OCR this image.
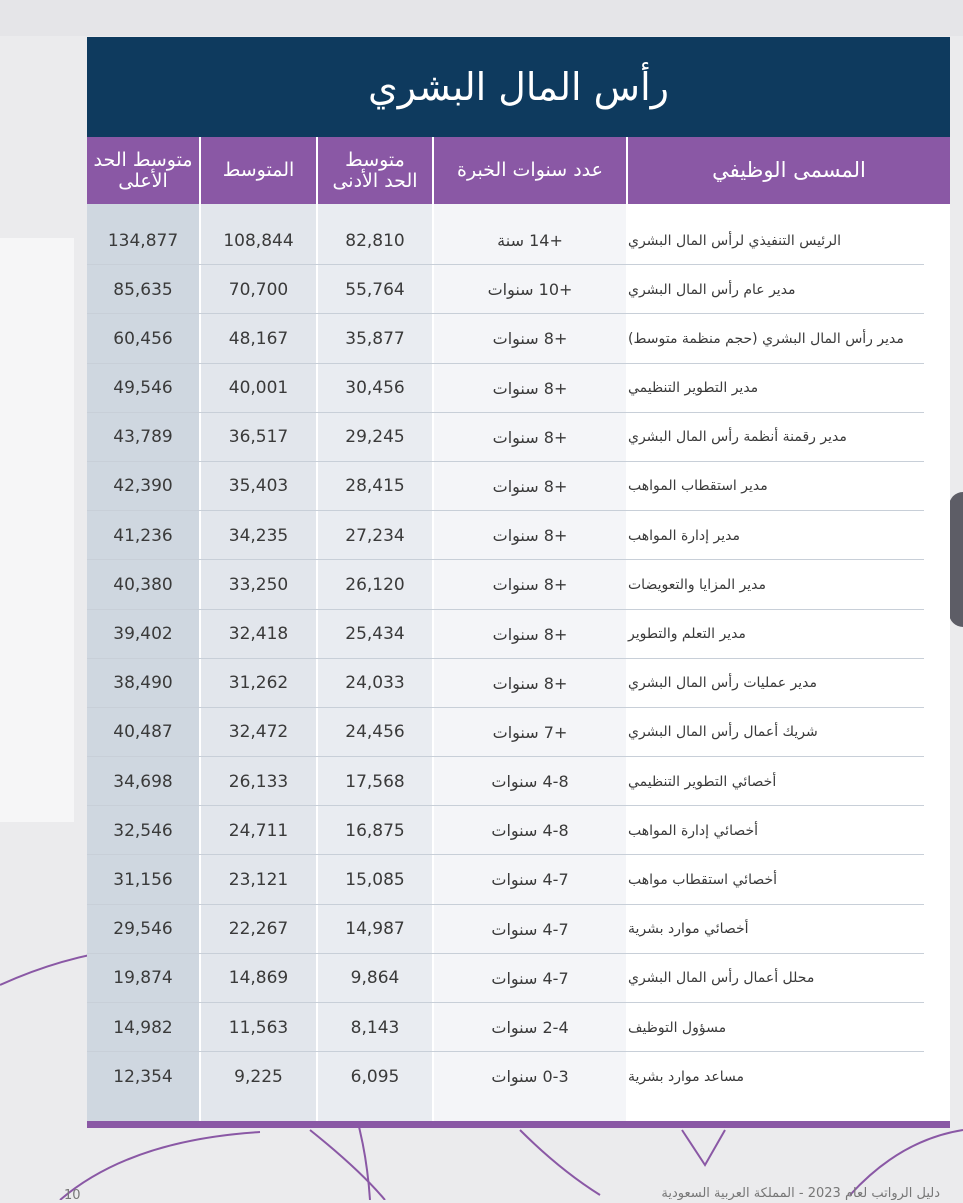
رأس المال البشري
متوسط الحد الأعلى	المتوسط	متوسط الحد الأدنى	عدد سنوات الخبرة	المسمى الوظيفي
134,877	108,844	82,810	+14 سنة	الرئيس التنفيذي لرأس المال البشري
85,635	70,700	55,764	+10 سنوات	مدير عام رأس المال البشري
60,456	48,167	35,877	+8 سنوات	مدير رأس المال البشري (حجم منظمة متوسط)
49,546	40,001	30,456	+8 سنوات	مدير التطوير التنظيمي
43,789	36,517	29,245	+8 سنوات	مدير رقمنة أنظمة رأس المال البشري
42,390	35,403	28,415	+8 سنوات	مدير استقطاب المواهب
41,236	34,235	27,234	+8 سنوات	مدير إدارة المواهب
40,380	33,250	26,120	+8 سنوات	مدير المزايا والتعويضات
39,402	32,418	25,434	+8 سنوات	مدير التعلم والتطوير
38,490	31,262	24,033	+8 سنوات	مدير عمليات رأس المال البشري
40,487	32,472	24,456	+7 سنوات	شريك أعمال رأس المال البشري
34,698	26,133	17,568	4-8 سنوات	أخصائي التطوير التنظيمي
32,546	24,711	16,875	4-8 سنوات	أخصائي إدارة المواهب
31,156	23,121	15,085	4-7 سنوات	أخصائي استقطاب مواهب
29,546	22,267	14,987	4-7 سنوات	أخصائي موارد بشرية
19,874	14,869	9,864	4-7 سنوات	محلل أعمال رأس المال البشري
14,982	11,563	8,143	2-4 سنوات	مسؤول التوظيف
12,354	9,225	6,095	0-3 سنوات	مساعد موارد بشرية
10	دليل الرواتب لعام 2023 - المملكة العربية السعودية
